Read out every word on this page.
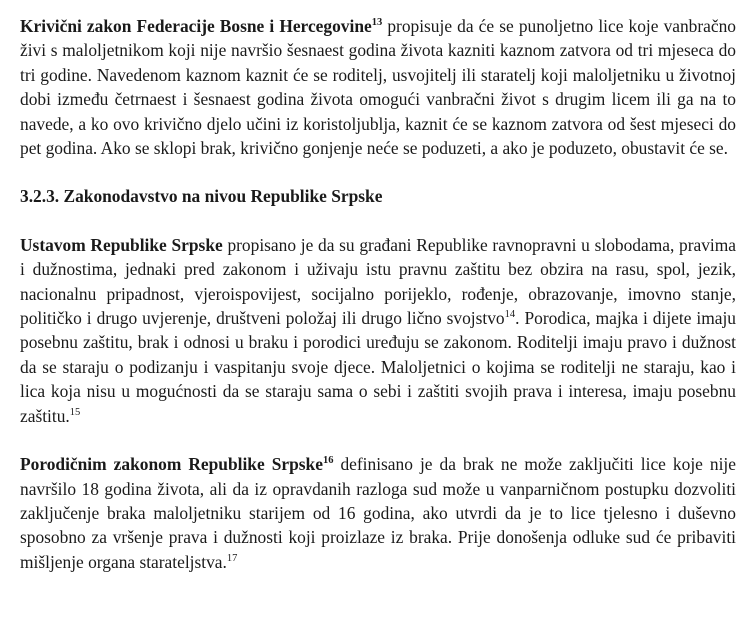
Krivični zakon Federacije Bosne i Hercegovine$^{13}$ propisuje da će se punoljetno lice koje vanbračno živi s maloljetnikom koji nije navršio šesnaest godina života kazniti kaznom zatvora od tri mjeseca do tri godine. Navedenom kaznom kaznit će se roditelj, usvojitelj ili staratelj koji maloljetniku u životnoj dobi između četrnaest i šesnaest godina života omogući vanbračni život s drugim licem ili ga na to navede, a ko ovo krivično djelo učini iz koristoljublja, kaznit će se kaznom zatvora od šest mjeseci do pet godina. Ako se sklopi brak, krivično gonjenje neće se poduzeti, a ako je poduzeto, obustavit će se.

3.2.3. Zakonodavstvo na nivou Republike Srpske

Ustavom Republike Srpske propisano je da su građani Republike ravnopravni u slobodama, pravima i dužnostima, jednaki pred zakonom i uživaju istu pravnu zaštitu bez obzira na rasu, spol, jezik, nacionalnu pripadnost, vjeroispovijest, socijalno porijeklo, rođenje, obrazovanje, imovno stanje, političko i drugo uvjerenje, društveni položaj ili drugo lično svojstvo$^{14}$. Porodica, majka i dijete imaju posebnu zaštitu, brak i odnosi u braku i porodici uređuju se zakonom. Roditelji imaju pravo i dužnost da se staraju o podizanju i vaspitanju svoje djece. Maloljetnici o kojima se roditelji ne staraju, kao i lica koja nisu u mogućnosti da se staraju sama o sebi i zaštiti svojih prava i interesa, imaju posebnu zaštitu.$^{15}$

Porodičnim zakonom Republike Srpske$^{16}$ definisano je da brak ne može zaključiti lice koje nije navršilo 18 godina života, ali da iz opravdanih razloga sud može u vanparničnom postupku dozvoliti zaključenje braka maloljetniku starijem od 16 godina, ako utvrdi da je to lice tjelesno i duševno sposobno za vršenje prava i dužnosti koji proizlaze iz braka. Prije donošenja odluke sud će pribaviti mišljenje organa starateljstva.$^{17}$
